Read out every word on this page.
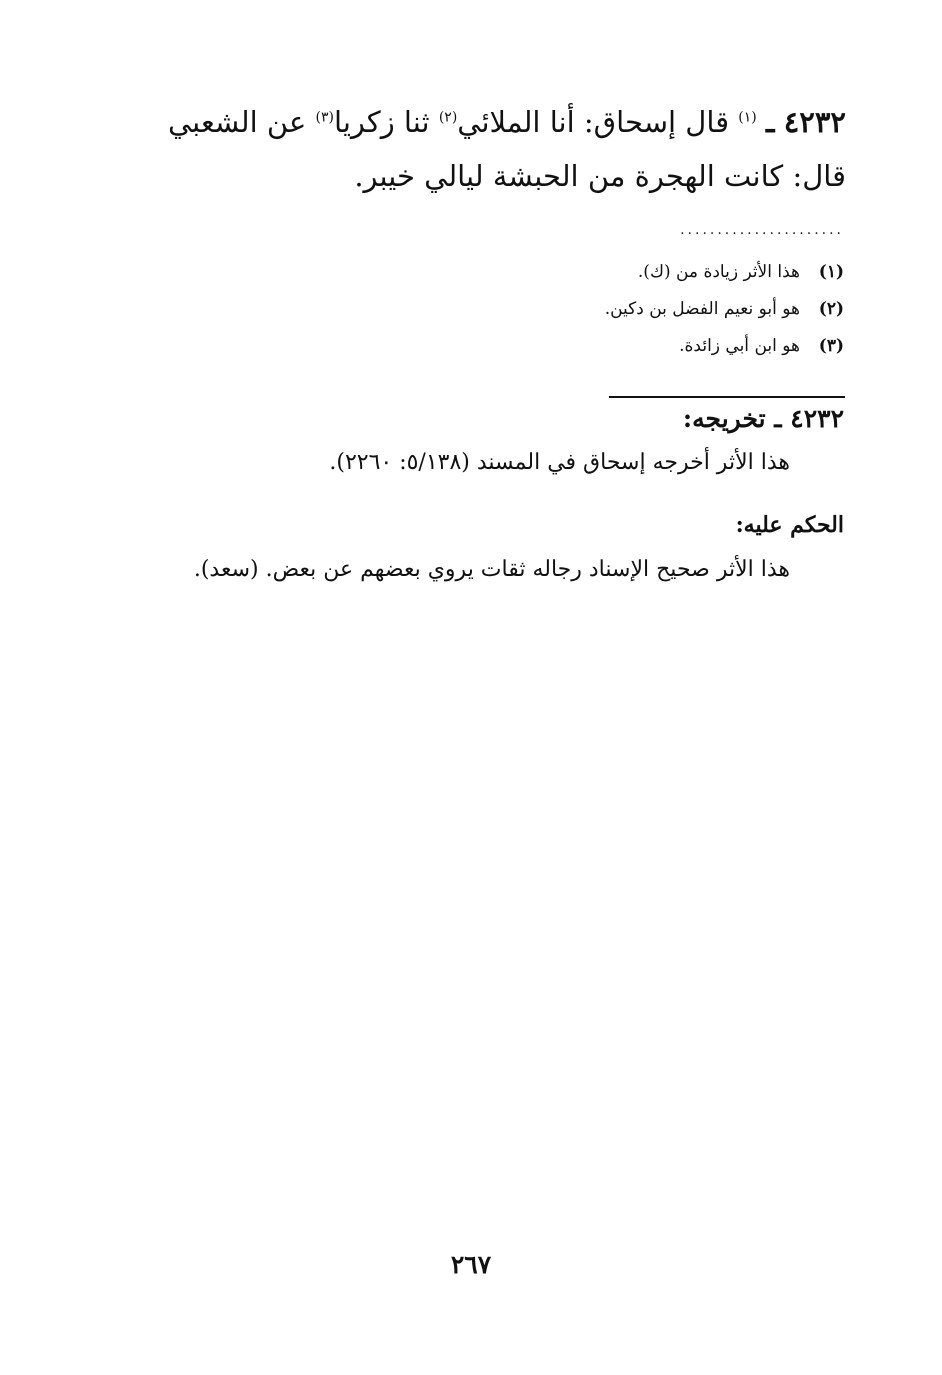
٤٢٣٢ ـ $^{(١)}$ قال إسحاق: أنا الملائي$^{(٢)}$ ثنا زكريا$^{(٣)}$ عن الشعبي
قال: كانت الهجرة من الحبشة ليالي خيبر.
......................
(١)هذا الأثر زيادة من (ك).
(٢)هو أبو نعيم الفضل بن دكين.
(٣)هو ابن أبي زائدة.
٤٢٣٢ ـ تخريجه:
هذا الأثر أخرجه إسحاق في المسند (٥/١٣٨: ٢٢٦٠).
الحكم عليه:
هذا الأثر صحيح الإسناد رجاله ثقات يروي بعضهم عن بعض. (سعد).
٢٦٧
